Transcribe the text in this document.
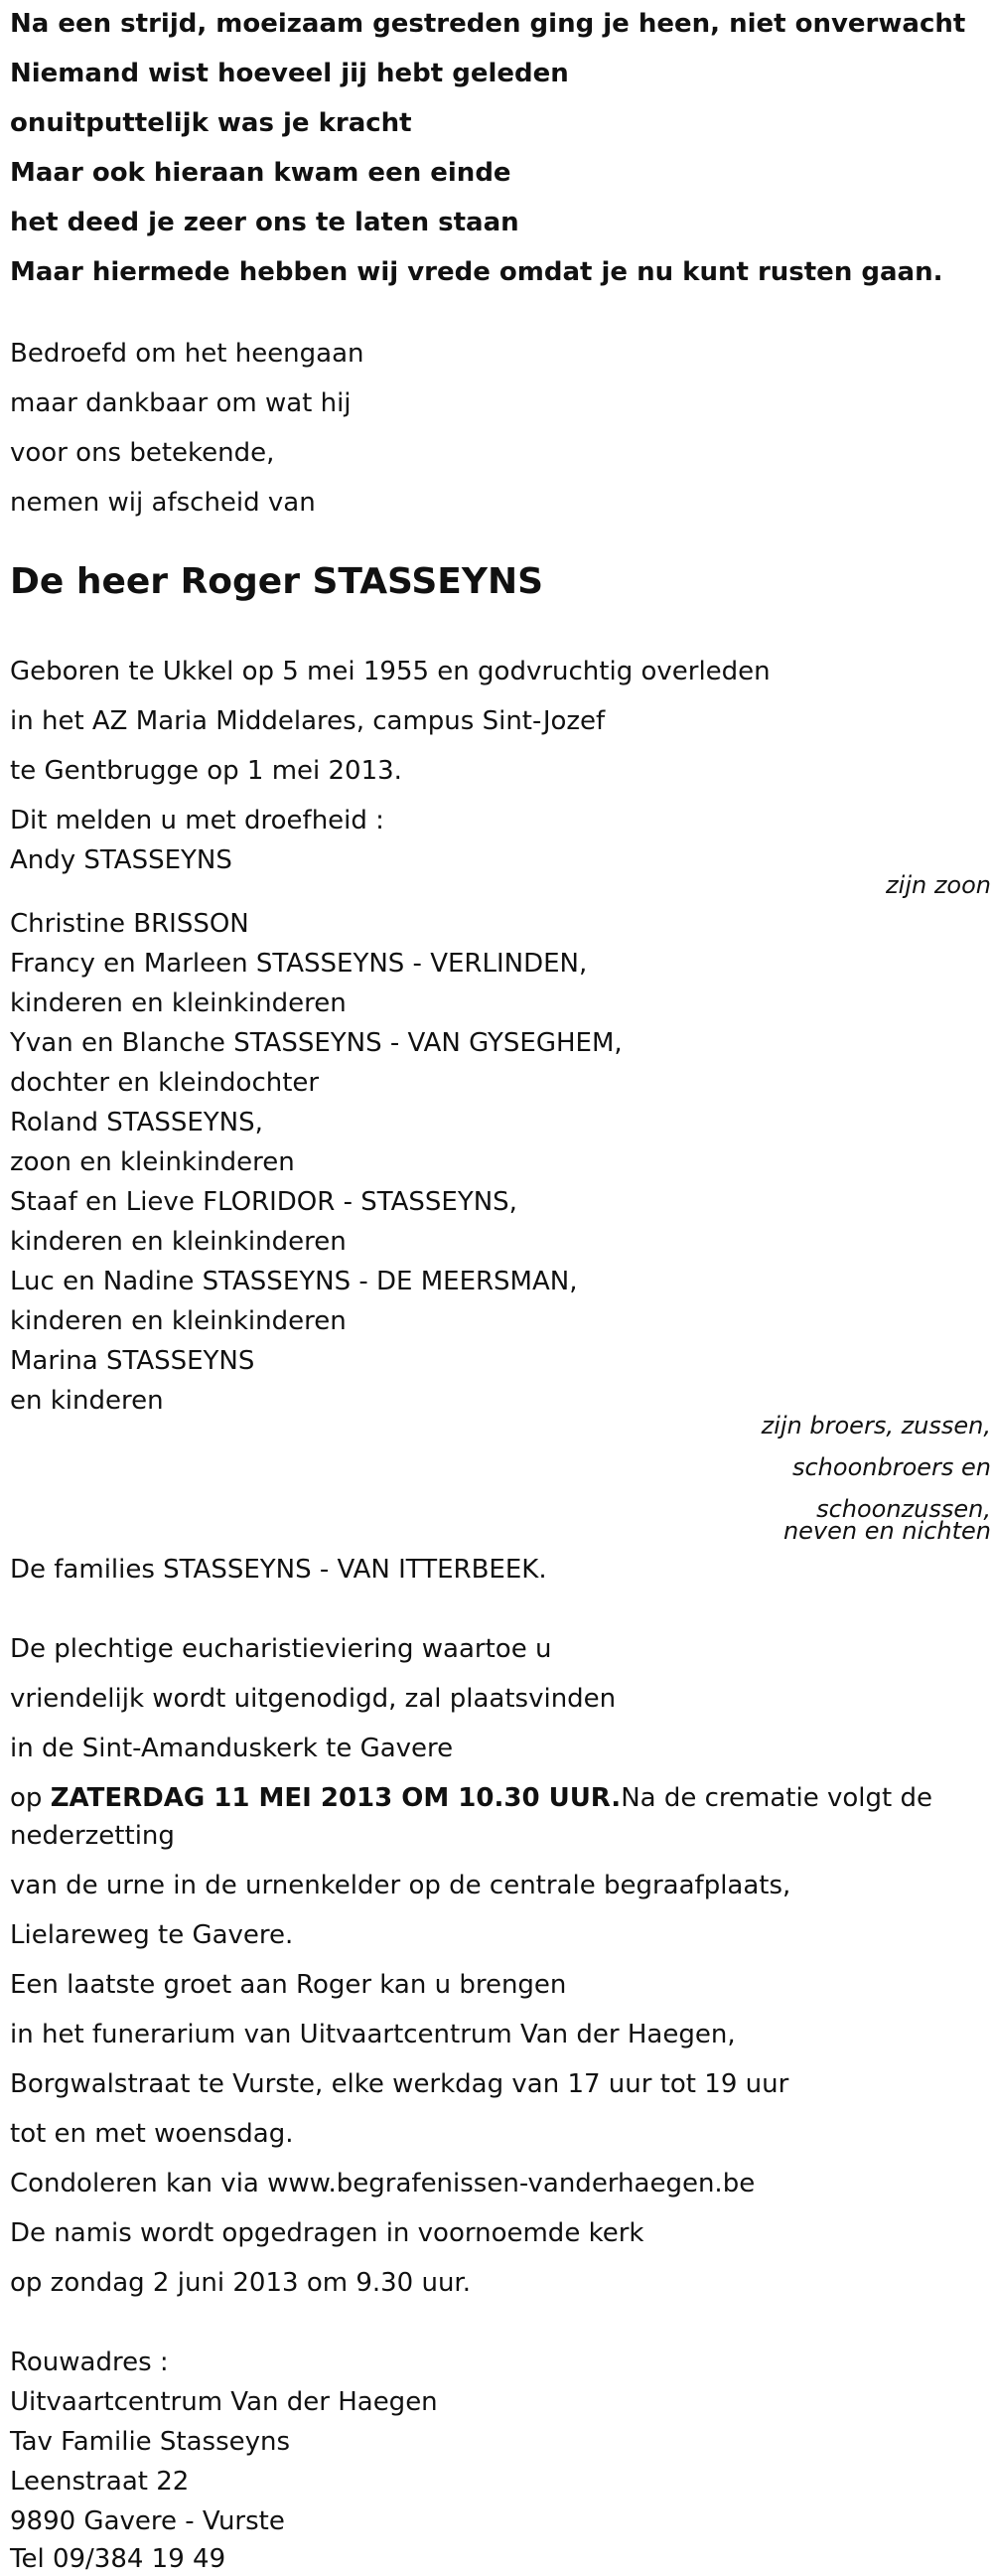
Na een strijd, moeizaam gestreden ging je heen, niet onverwacht
Niemand wist hoeveel jij hebt geleden
onuitputtelijk was je kracht
Maar ook hieraan kwam een einde
het deed je zeer ons te laten staan
Maar hiermede hebben wij vrede omdat je nu kunt rusten gaan.
Bedroefd om het heengaan
maar dankbaar om wat hij
voor ons betekende,
nemen wij afscheid van
De heer Roger STASSEYNS
Geboren te Ukkel op 5 mei 1955 en godvruchtig overleden
in het AZ Maria Middelares, campus Sint-Jozef
te Gentbrugge op 1 mei 2013.
Dit melden u met droefheid :
Andy STASSEYNS
zijn zoon
Christine BRISSON
Francy en Marleen STASSEYNS - VERLINDEN,
kinderen en kleinkinderen
Yvan en Blanche STASSEYNS - VAN GYSEGHEM,
dochter en kleindochter
Roland STASSEYNS,
zoon en kleinkinderen
Staaf en Lieve FLORIDOR - STASSEYNS,
kinderen en kleinkinderen
Luc en Nadine STASSEYNS - DE MEERSMAN,
kinderen en kleinkinderen
Marina STASSEYNS
en kinderen
zijn broers, zussen,
schoonbroers en
schoonzussen,
neven en nichten
De families STASSEYNS - VAN ITTERBEEK.
De plechtige eucharistieviering waartoe u
vriendelijk wordt uitgenodigd, zal plaatsvinden
in de Sint-Amanduskerk te Gavere
op ZATERDAG 11 MEI 2013 OM 10.30 UUR.Na de crematie volgt de
nederzetting
van de urne in de urnenkelder op de centrale begraafplaats,
Lielareweg te Gavere.
Een laatste groet aan Roger kan u brengen
in het funerarium van Uitvaartcentrum Van der Haegen,
Borgwalstraat te Vurste, elke werkdag van 17 uur tot 19 uur
tot en met woensdag.
Condoleren kan via www.begrafenissen-vanderhaegen.be
De namis wordt opgedragen in voornoemde kerk
op zondag 2 juni 2013 om 9.30 uur.
Rouwadres :
Uitvaartcentrum Van der Haegen
Tav Familie Stasseyns
Leenstraat 22
9890 Gavere - Vurste
Tel 09/384 19 49
